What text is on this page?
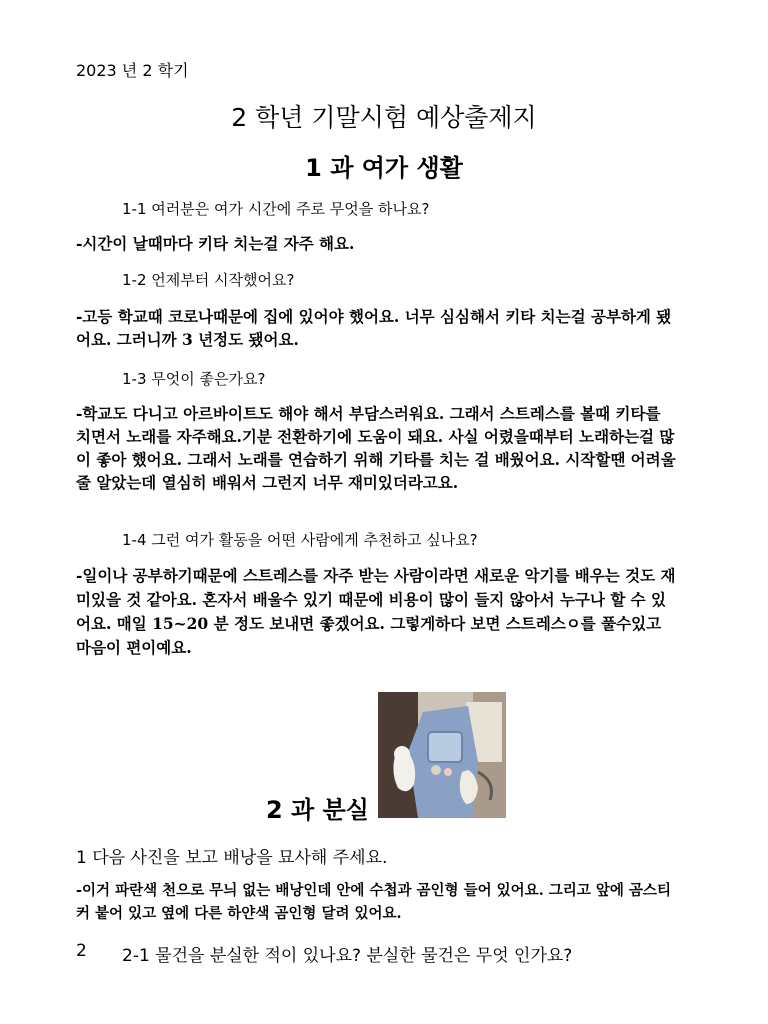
2023 년 2 학기
2 학년 기말시험 예상출제지
1 과 여가 생활
1-1 여러분은 여가 시간에 주로 무엇을 하나요?
-시간이 날때마다 키타 치는걸 자주 해요.
1-2 언제부터 시작했어요?
-고등 학교때 코로나때문에 집에 있어야 했어요. 너무 심심해서 키타 치는걸 공부하게 됐어요. 그러니까 3 년정도 됐어요.
1-3 무엇이 좋은가요?
-학교도 다니고 아르바이트도 해야 해서 부담스러워요. 그래서 스트레스를 볼때 키타를 치면서 노래를 자주해요.기분 전환하기에 도움이 돼요. 사실 어렸을때부터 노래하는걸 많이 좋아 했어요. 그래서 노래를 연습하기 위해 기타를 치는 걸 배웠어요. 시작할땐 어려울 줄 알았는데 열심히 배워서 그런지 너무 재미있더라고요.
1-4 그런 여가 활동을 어떤 사람에게 추천하고 싶나요?
-일이나 공부하기때문에 스트레스를 자주 받는 사람이라면 새로운 악기를 배우는 것도 재미있을 것 같아요. 혼자서 배울수 있기 때문에 비용이 많이 들지 않아서 누구나 할 수 있어요. 매일 15~20 분 정도 보내면 좋겠어요. 그렇게하다 보면 스트레스ㅇ를 풀수있고 마음이 편이예요.
2 과 분실
1 다음 사진을 보고 배낭을 묘사해 주세요.
-이거 파란색 천으로 무늬 없는 배낭인데 안에 수첩과 곰인형 들어 있어요. 그리고 앞에 곰스티커 붙어 있고 옆에 다른 하얀색 곰인형 달려 있어요.
2 2-1 물건을 분실한 적이 있나요? 분실한 물건은 무엇 인가요?
